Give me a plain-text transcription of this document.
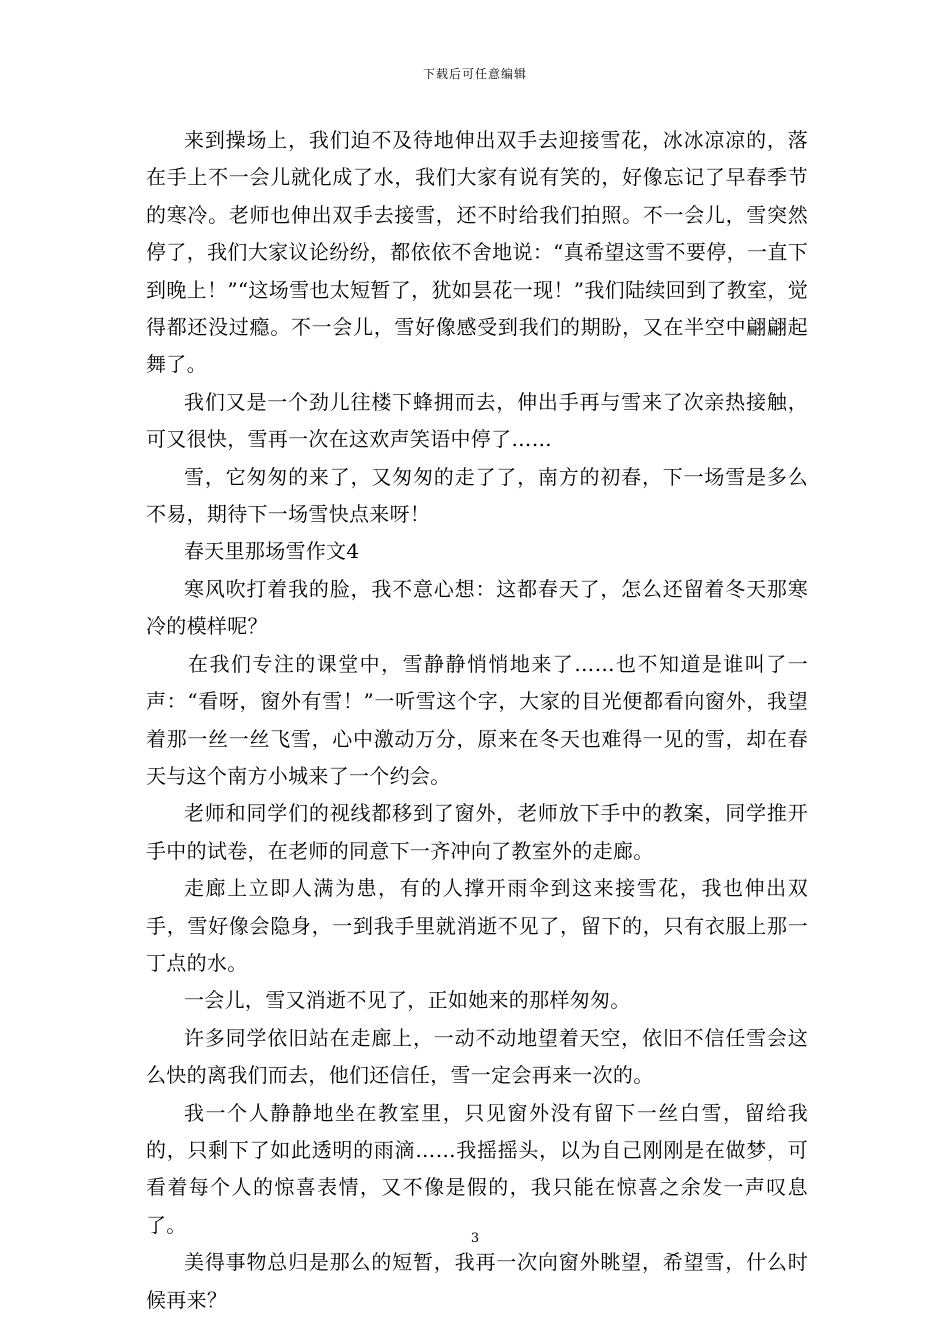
下载后可任意编辑

来到操场上，我们迫不及待地伸出双手去迎接雪花，冰冰凉凉的，落在手上不一会儿就化成了水，我们大家有说有笑的，好像忘记了早春季节的寒冷。老师也伸出双手去接雪，还不时给我们拍照。不一会儿，雪突然停了，我们大家议论纷纷，都依依不舍地说：“真希望这雪不要停，一直下到晚上！”“这场雪也太短暂了，犹如昙花一现！”我们陆续回到了教室，觉得都还没过瘾。不一会儿，雪好像感受到我们的期盼，又在半空中翩翩起舞了。

我们又是一个劲儿往楼下蜂拥而去，伸出手再与雪来了次亲热接触，可又很快，雪再一次在这欢声笑语中停了……

雪，它匆匆的来了，又匆匆的走了了，南方的初春，下一场雪是多么不易，期待下一场雪快点来呀！

春天里那场雪作文4

寒风吹打着我的脸，我不意心想：这都春天了，怎么还留着冬天那寒冷的模样呢？

在我们专注的课堂中，雪静静悄悄地来了……也不知道是谁叫了一声：“看呀，窗外有雪！”一听雪这个字，大家的目光便都看向窗外，我望着那一丝一丝飞雪，心中激动万分，原来在冬天也难得一见的雪，却在春天与这个南方小城来了一个约会。

老师和同学们的视线都移到了窗外，老师放下手中的教案，同学推开手中的试卷，在老师的同意下一齐冲向了教室外的走廊。

走廊上立即人满为患，有的人撑开雨伞到这来接雪花，我也伸出双手，雪好像会隐身，一到我手里就消逝不见了，留下的，只有衣服上那一丁点的水。

一会儿，雪又消逝不见了，正如她来的那样匆匆。

许多同学依旧站在走廊上，一动不动地望着天空，依旧不信任雪会这么快的离我们而去，他们还信任，雪一定会再来一次的。

我一个人静静地坐在教室里，只见窗外没有留下一丝白雪，留给我的，只剩下了如此透明的雨滴……我摇摇头，以为自己刚刚是在做梦，可看着每个人的惊喜表情，又不像是假的，我只能在惊喜之余发一声叹息了。

美得事物总归是那么的短暂，我再一次向窗外眺望，希望雪，什么时候再来？

3
